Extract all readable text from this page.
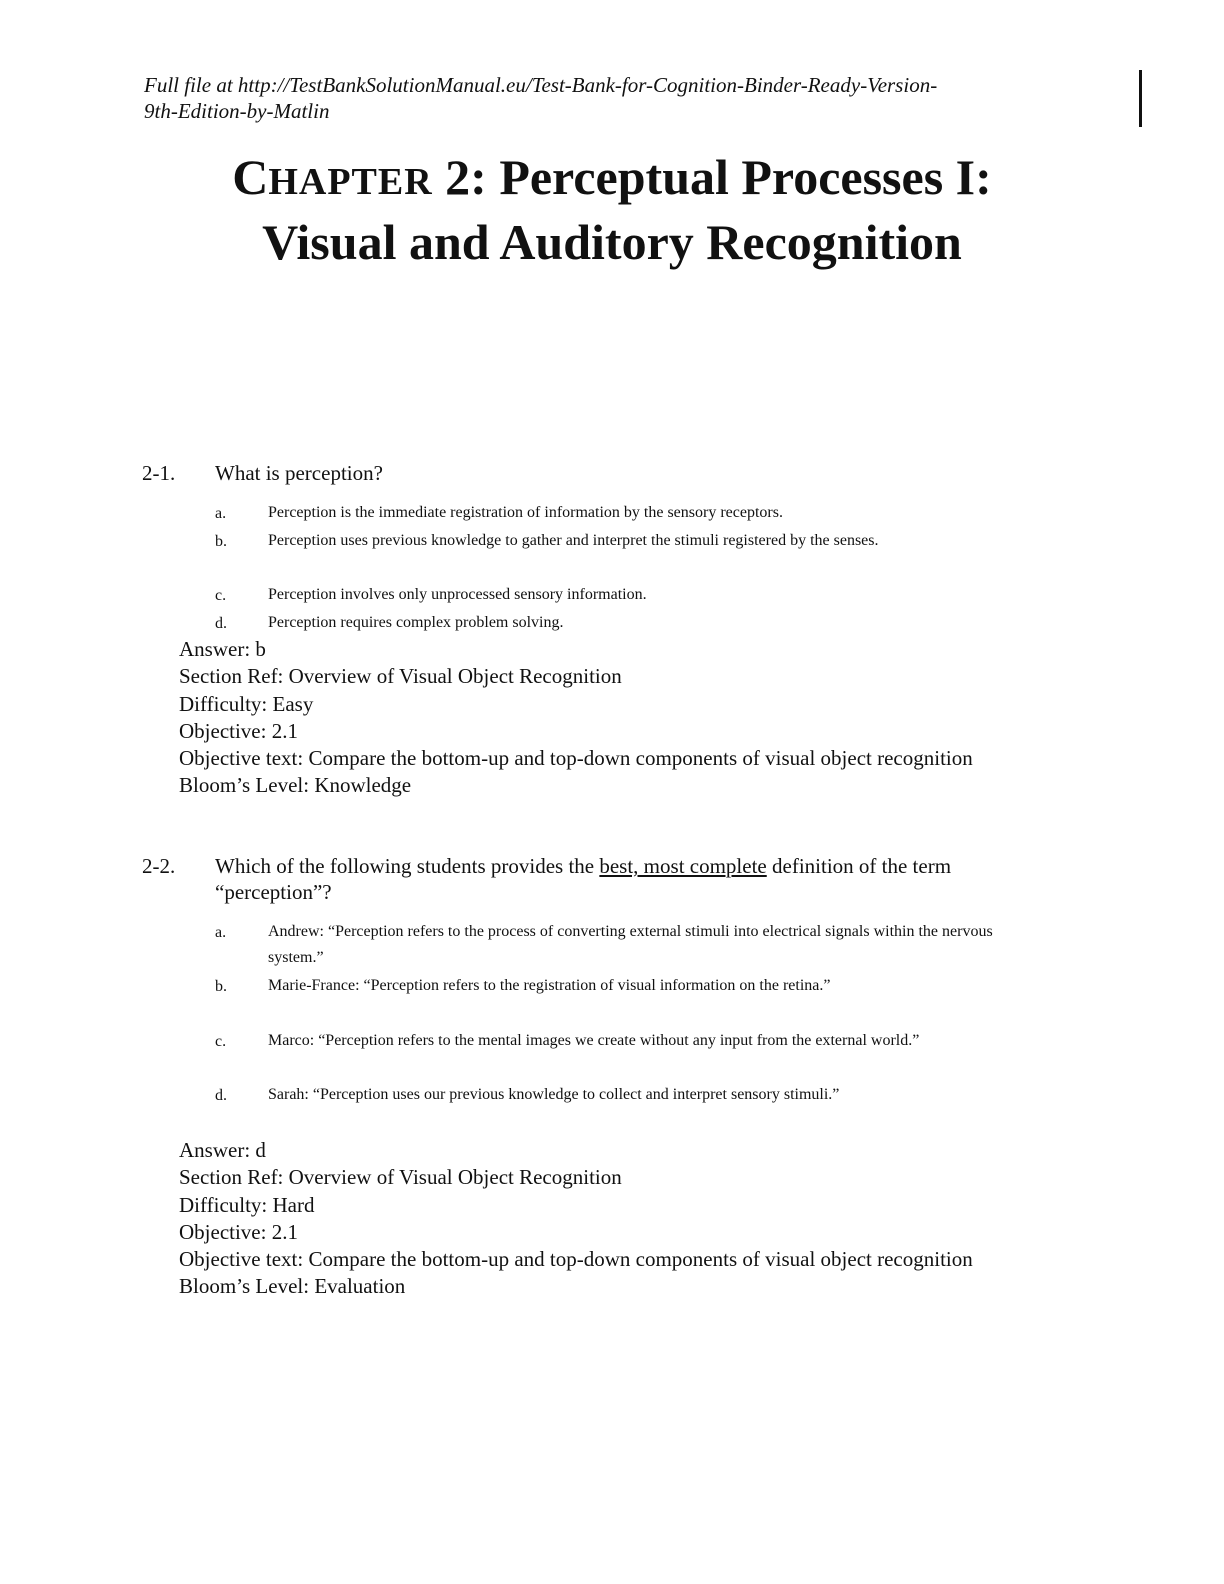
Full file at http://TestBankSolutionManual.eu/Test-Bank-for-Cognition-Binder-Ready-Version-
9th-Edition-by-Matlin
CHAPTER 2: Perceptual Processes I:
Visual and Auditory Recognition
2-1. What is perception?
a.	Perception is the immediate registration of information by the sensory receptors.
b.	Perception uses previous knowledge to gather and interpret the stimuli registered by the senses.
c.	Perception involves only unprocessed sensory information.
d.	Perception requires complex problem solving.
Answer: b
Section Ref: Overview of Visual Object Recognition
Difficulty: Easy
Objective: 2.1
Objective text: Compare the bottom-up and top-down components of visual object recognition
Bloom’s Level: Knowledge
2-2. Which of the following students provides the best, most complete definition of the term “perception”?
a.	Andrew: “Perception refers to the process of converting external stimuli into electrical signals within the nervous system.”
b.	Marie-France: “Perception refers to the registration of visual information on the retina.”
c.	Marco: “Perception refers to the mental images we create without any input from the external world.”
d.	Sarah: “Perception uses our previous knowledge to collect and interpret sensory stimuli.”
Answer: d
Section Ref: Overview of Visual Object Recognition
Difficulty: Hard
Objective: 2.1
Objective text: Compare the bottom-up and top-down components of visual object recognition
Bloom’s Level: Evaluation
